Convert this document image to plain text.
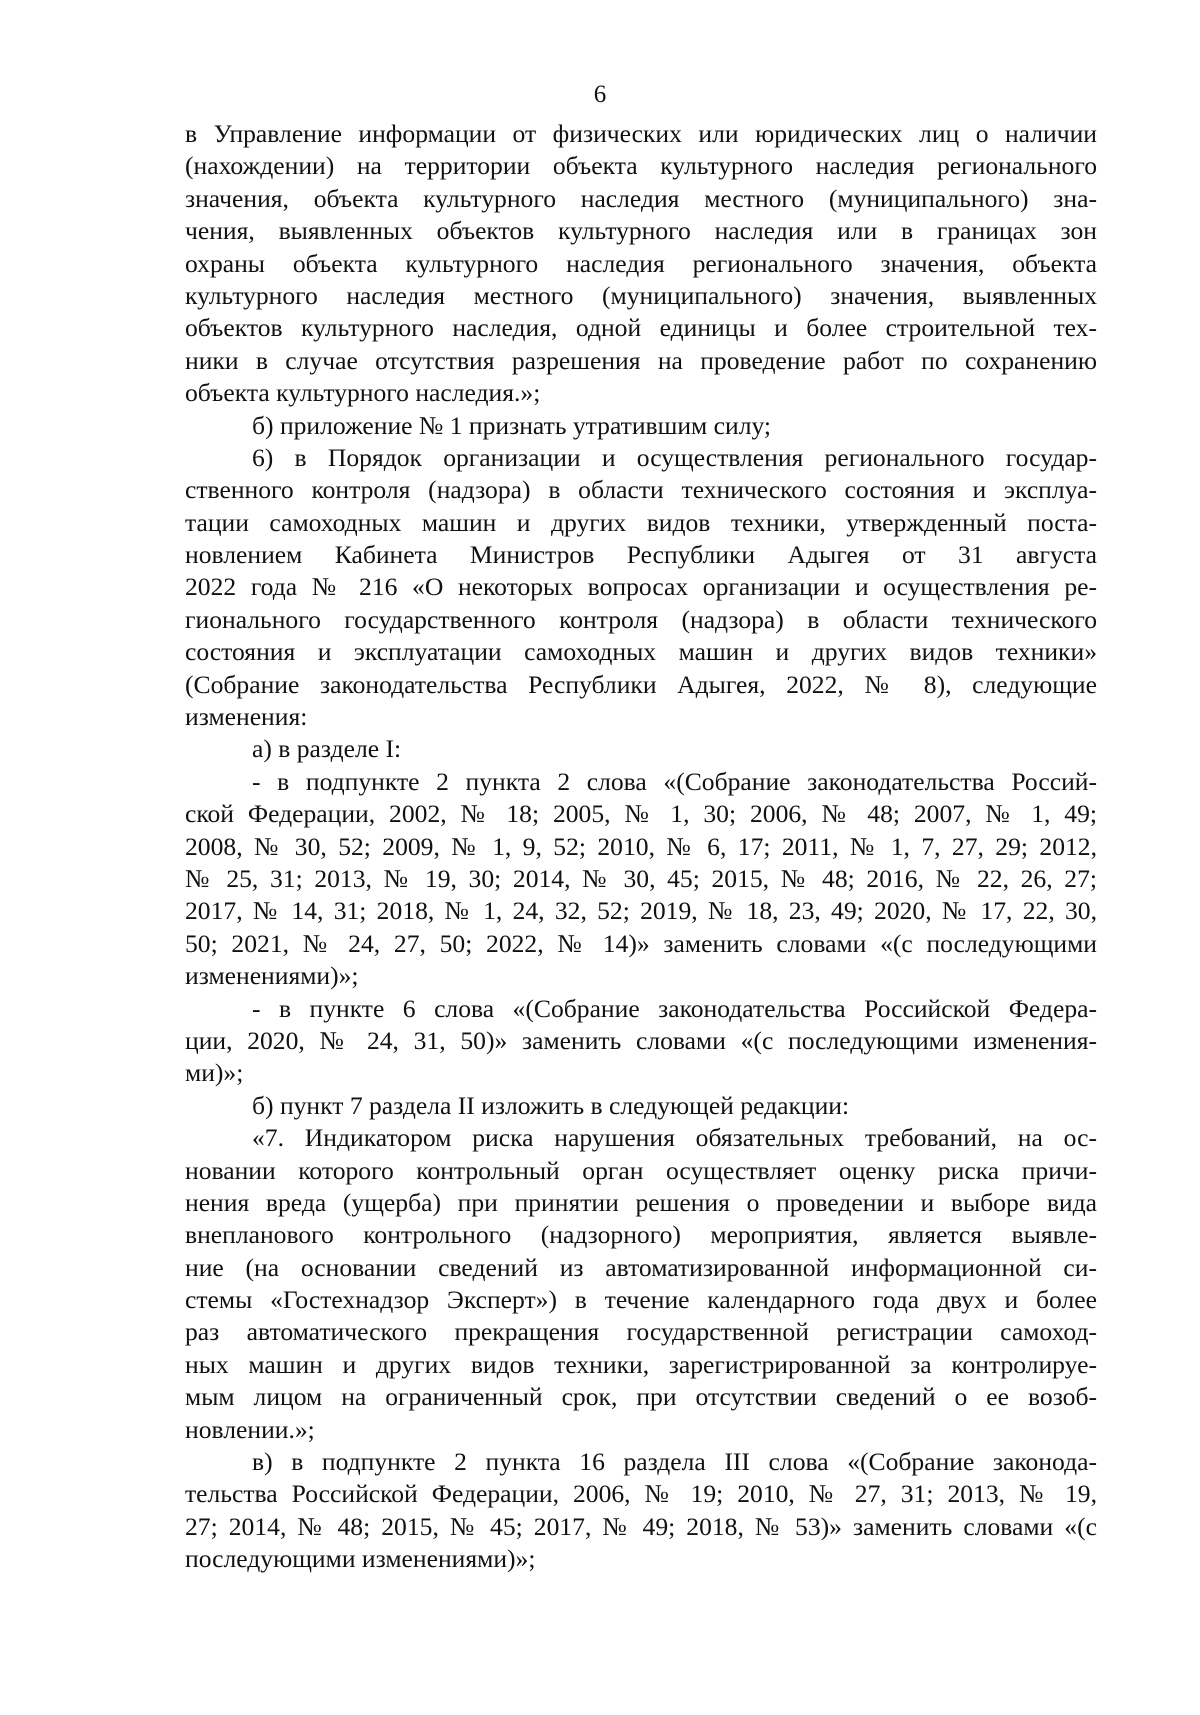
6
в Управление информации от физических или юридических лиц о наличии
(нахождении) на территории объекта культурного наследия регионального
значения, объекта культурного наследия местного (муниципального) зна-
чения, выявленных объектов культурного наследия или в границах зон
охраны объекта культурного наследия регионального значения, объекта
культурного наследия местного (муниципального) значения, выявленных
объектов культурного наследия, одной единицы и более строительной тех-
ники в случае отсутствия разрешения на проведение работ по сохранению
объекта культурного наследия.»;
б) приложение № 1 признать утратившим силу;
6) в Порядок организации и осуществления регионального государ-
ственного контроля (надзора) в области технического состояния и эксплуа-
тации самоходных машин и других видов техники, утвержденный поста-
новлением Кабинета Министров Республики Адыгея от 31 августа
2022 года № 216 «О некоторых вопросах организации и осуществления ре-
гионального государственного контроля (надзора) в области технического
состояния и эксплуатации самоходных машин и других видов техники»
(Собрание законодательства Республики Адыгея, 2022, № 8), следующие
изменения:
а) в разделе I:
- в подпункте 2 пункта 2 слова «(Собрание законодательства Россий-
ской Федерации, 2002, № 18; 2005, № 1, 30; 2006, № 48; 2007, № 1, 49;
2008, № 30, 52; 2009, № 1, 9, 52; 2010, № 6, 17; 2011, № 1, 7, 27, 29; 2012,
№ 25, 31; 2013, № 19, 30; 2014, № 30, 45; 2015, № 48; 2016, № 22, 26, 27;
2017, № 14, 31; 2018, № 1, 24, 32, 52; 2019, № 18, 23, 49; 2020, № 17, 22, 30,
50; 2021, № 24, 27, 50; 2022, № 14)» заменить словами «(с последующими
изменениями)»;
- в пункте 6 слова «(Собрание законодательства Российской Федера-
ции, 2020, № 24, 31, 50)» заменить словами «(с последующими изменения-
ми)»;
б) пункт 7 раздела II изложить в следующей редакции:
«7. Индикатором риска нарушения обязательных требований, на ос-
новании которого контрольный орган осуществляет оценку риска причи-
нения вреда (ущерба) при принятии решения о проведении и выборе вида
внепланового контрольного (надзорного) мероприятия, является выявле-
ние (на основании сведений из автоматизированной информационной си-
стемы «Гостехнадзор Эксперт») в течение календарного года двух и более
раз автоматического прекращения государственной регистрации самоход-
ных машин и других видов техники, зарегистрированной за контролируе-
мым лицом на ограниченный срок, при отсутствии сведений о ее возоб-
новлении.»;
в) в подпункте 2 пункта 16 раздела III слова «(Собрание законода-
тельства Российской Федерации, 2006, № 19; 2010, № 27, 31; 2013, № 19,
27; 2014, № 48; 2015, № 45; 2017, № 49; 2018, № 53)» заменить словами «(с
последующими изменениями)»;
